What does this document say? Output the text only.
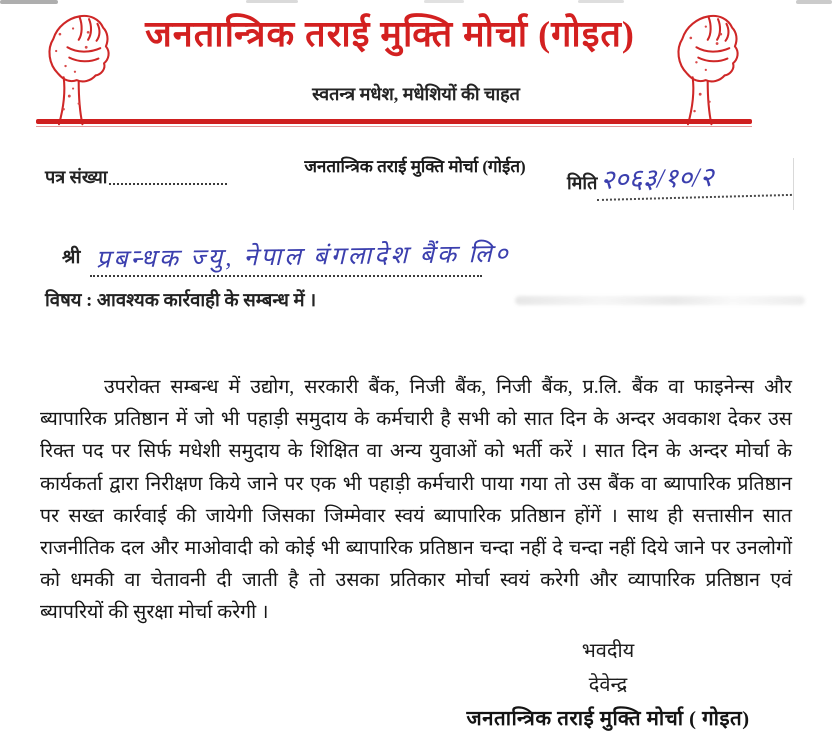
जनतान्त्रिक तराई मुक्ति मोर्चा (गोइत)
स्वतन्त्र मधेश, मधेशियों की चाहत
पत्र संख्या
जनतान्त्रिक तराई मुक्ति मोर्चा (गोईत)
मिति २०६३/१०/२
श्री प्रबन्धक ज्यु, नेपाल बंगलादेश बैंक लि०
विषय : आवश्यक कार्रवाही के सम्बन्ध में ।
उपरोक्त सम्बन्ध में उद्योग, सरकारी बैंक, निजी बैंक, निजी बैंक, प्र.लि. बैंक वा फाइनेन्स और
ब्यापारिक प्रतिष्ठान में जो भी पहाड़ी समुदाय के कर्मचारी है सभी को सात दिन के अन्दर अवकाश देकर उस
रिक्त पद पर सिर्फ मधेशी समुदाय के शिक्षित वा अन्य युवाओं को भर्ती करें । सात दिन के अन्दर मोर्चा के
कार्यकर्ता द्वारा निरीक्षण किये जाने पर एक भी पहाड़ी कर्मचारी पाया गया तो उस बैंक वा ब्यापारिक प्रतिष्ठान
पर सख्त कार्रवाई की जायेगी जिसका जिम्मेवार स्वयं ब्यापारिक प्रतिष्ठान होंगें । साथ ही सत्तासीन सात
राजनीतिक दल और माओवादी को कोई भी ब्यापारिक प्रतिष्ठान चन्दा नहीं दे चन्दा नहीं दिये जाने पर उनलोगों
को धमकी वा चेतावनी दी जाती है तो उसका प्रतिकार मोर्चा स्वयं करेगी और व्यापारिक प्रतिष्ठान एवं
ब्यापरियों की सुरक्षा मोर्चा करेगी ।
भवदीय
देवेन्द्र
जनतान्त्रिक तराई मुक्ति मोर्चा ( गोइत)
